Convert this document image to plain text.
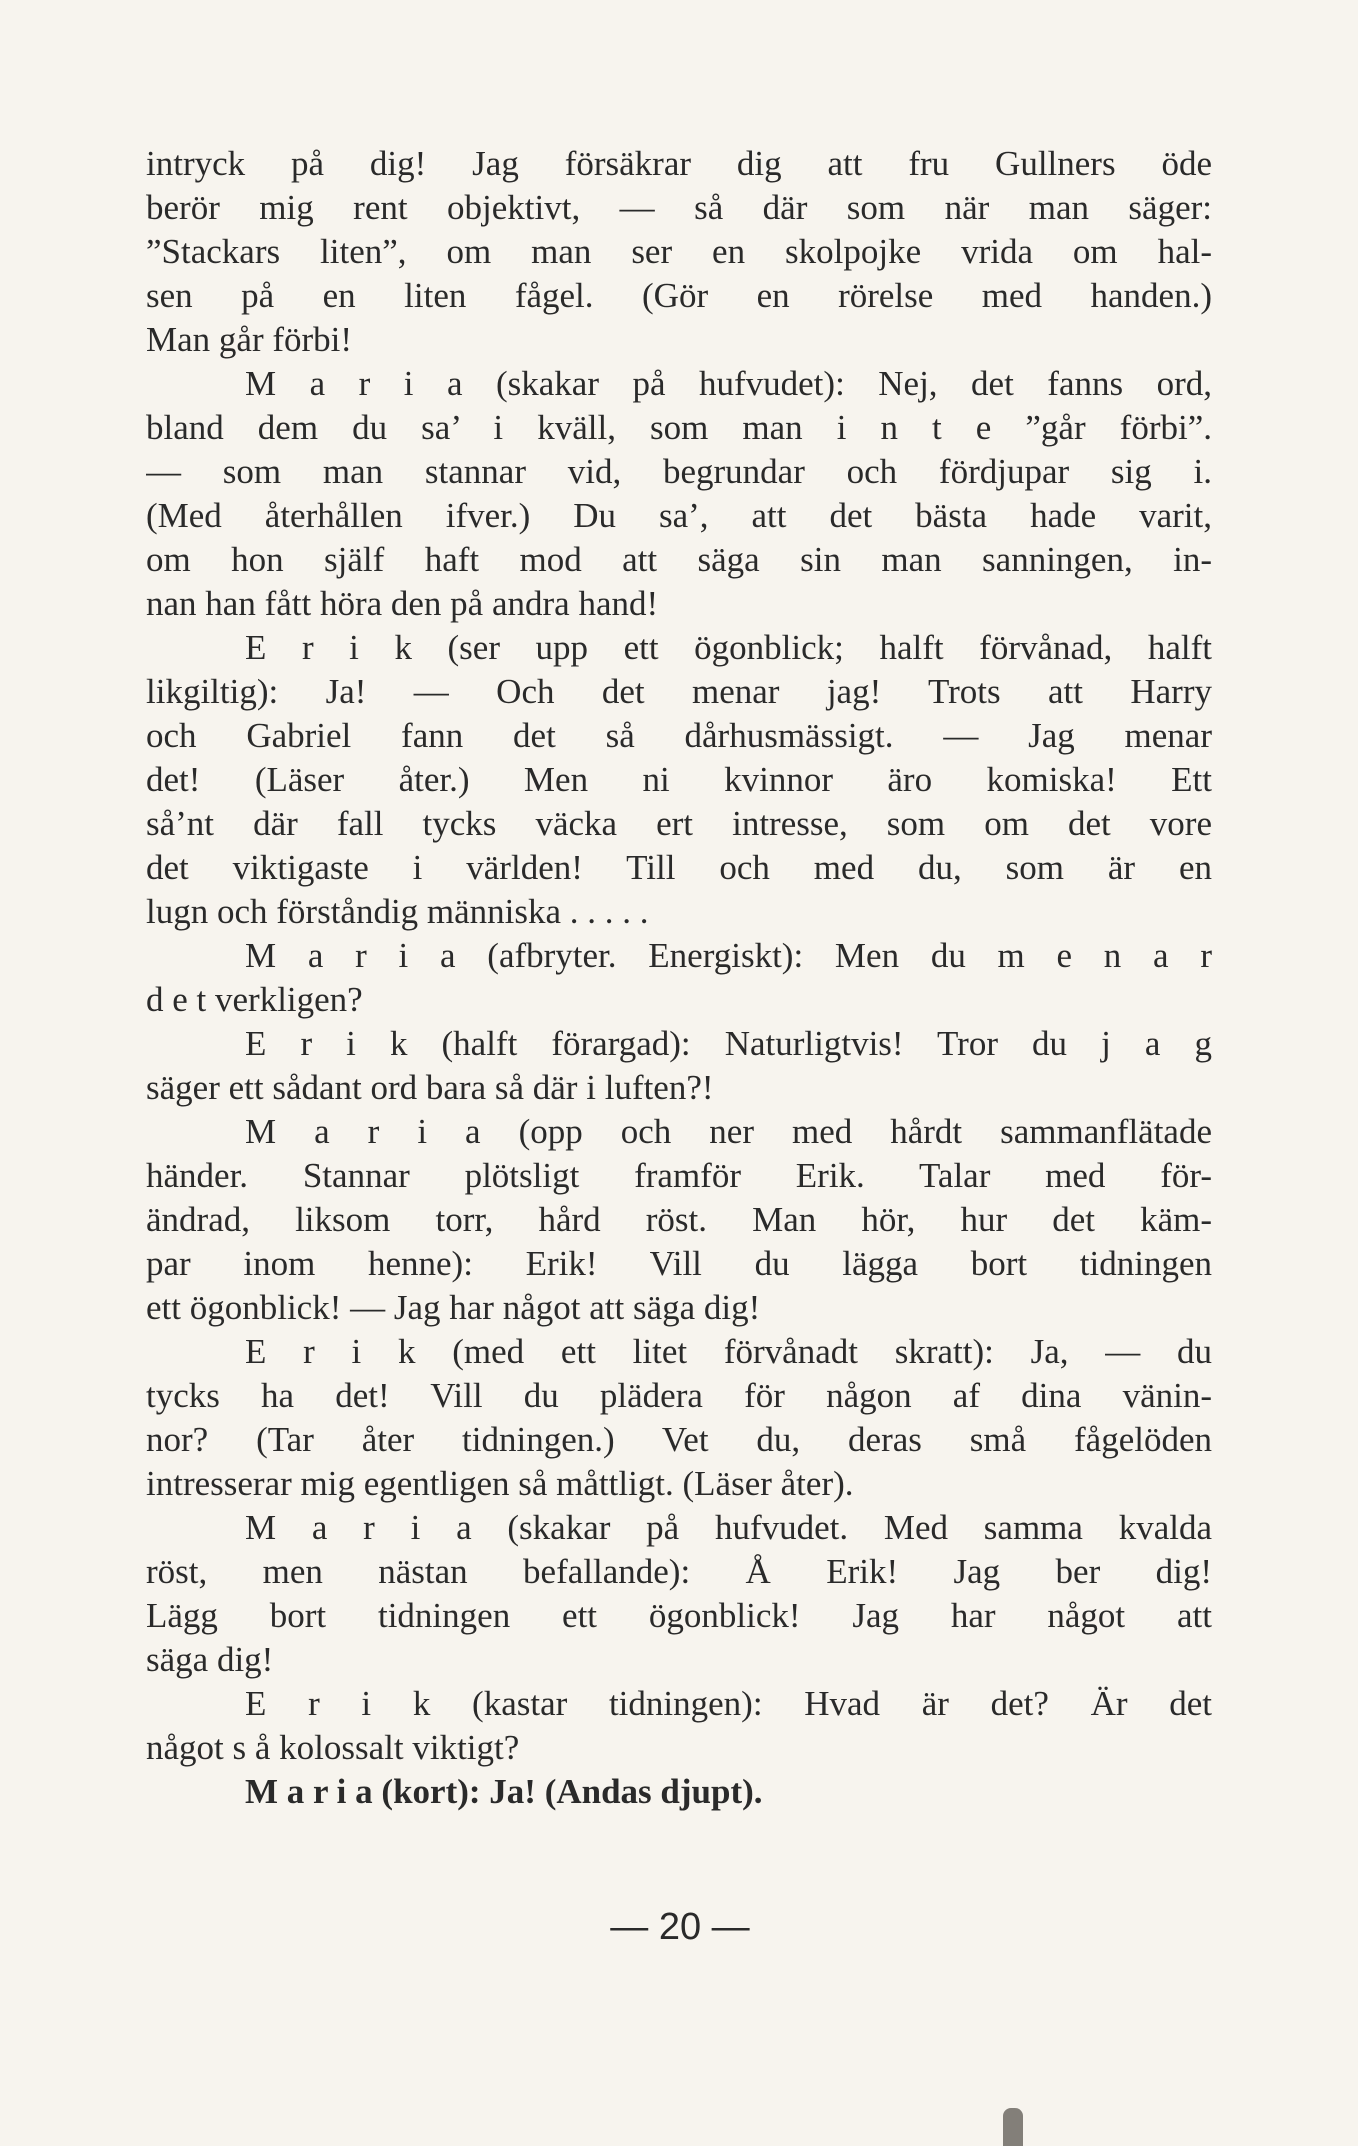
intryck på dig! Jag försäkrar dig att fru Gullners öde
berör mig rent objektivt, — så där som när man säger:
”Stackars liten”, om man ser en skolpojke vrida om hal-
sen på en liten fågel. (Gör en rörelse med handen.)
Man går förbi!
M a r i a (skakar på hufvudet): Nej, det fanns ord,
bland dem du sa’ i kväll, som man i n t e ”går förbi”.
— som man stannar vid, begrundar och fördjupar sig i.
(Med återhållen ifver.) Du sa’, att det bästa hade varit,
om hon själf haft mod att säga sin man sanningen, in-
nan han fått höra den på andra hand!
E r i k (ser upp ett ögonblick; halft förvånad, halft
likgiltig): Ja! — Och det menar jag! Trots att Harry
och Gabriel fann det så dårhusmässigt. — Jag menar
det! (Läser åter.) Men ni kvinnor äro komiska! Ett
så’nt där fall tycks väcka ert intresse, som om det vore
det viktigaste i världen! Till och med du, som är en
lugn och förståndig människa . . . . .
M a r i a (afbryter. Energiskt): Men du m e n a r
d e t verkligen?
E r i k (halft förargad): Naturligtvis! Tror du j a g
säger ett sådant ord bara så där i luften?!
M a r i a (opp och ner med hårdt sammanflätade
händer. Stannar plötsligt framför Erik. Talar med för-
ändrad, liksom torr, hård röst. Man hör, hur det käm-
par inom henne): Erik! Vill du lägga bort tidningen
ett ögonblick! — Jag har något att säga dig!
E r i k (med ett litet förvånadt skratt): Ja, — du
tycks ha det! Vill du plädera för någon af dina vänin-
nor? (Tar åter tidningen.) Vet du, deras små fågelöden
intresserar mig egentligen så måttligt. (Läser åter).
M a r i a (skakar på hufvudet. Med samma kvalda
röst, men nästan befallande): Å Erik! Jag ber dig!
Lägg bort tidningen ett ögonblick! Jag har något att
säga dig!
E r i k (kastar tidningen): Hvad är det? Är det
något s å kolossalt viktigt?
M a r i a (kort): Ja! (Andas djupt).
— 20 —
